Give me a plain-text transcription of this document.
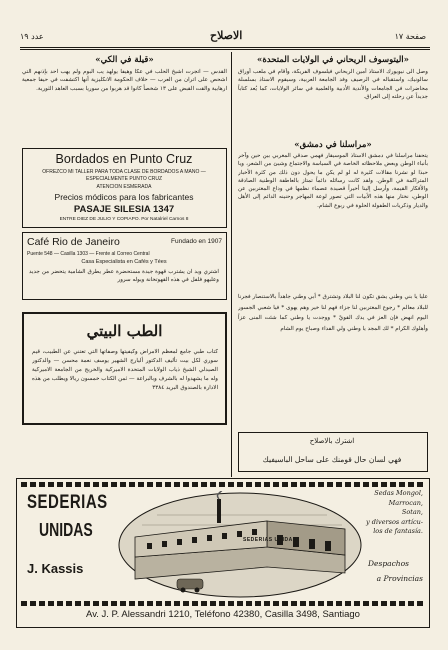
صفحة ١٧
الاصلاح
عدد ١٩
«اليتوسوف الريحاني في الولايات المتحدة»
وصل الى نيويورك الاستاذ أمين الريحاني فيلسوف الفريكة، وأقام في ملعب أوراق سالونيك، واستقباله في الرصيف وفد الجامعة العربية، وسيقوم الاستاذ بسلسلة محاضرات في الجامعات والأندية الأدبية والعلمية في سائر الولايات، كما يُعد كتاباً جديداً عن رحلته إلى العراق.
«مراسلنا في دمشق»
يتحفنا مراسلنا في دمشق الاستاذ الموسيقار فهمي صدقي المغربي بين حين وآخر بأنباء الوطن وبعض ملاحظاته الخاصة في السياسة والاجتماع وشيئ من الشعر، ويا حبذا لو نشرنا مقالات كثيرة له لو لم يكن ما يحول دون ذلك من كثرة الأخبار المتراكمة في الوطن. ولقد كانت رسائله دائماً تمتاز بالعاطفة الوطنية الصادقة والأفكار القيمة، وأرسل إلينا أخيراً قصيدة عصماء نظمها في وداع المغتربين عن الوطن، نختار منها هذه الأبيات التي تصور لوعة المهاجر وحنينه الدائم إلى الأهل والديار وذكريات الطفولة الحلوة في ربوع الشام.
عليا يا بني وطني يشق تكون لنا البلاد وتشترق * أبي وطني جاهداً بالاستنصار فجرنا للبلاد معالم * رجوع المغتربين لنا جزاء فهم لنا خير وهم يهوى * فيا شعبي الجسور اليوم انهض فإن العز في يدك القويّ * ووجدت يا وطني كما شئت المنى عزاً وأهلوك الكرام * لك المجد يا وطني ولي الفداء وصباح يوم الشام
اشترك بالاصلاح
فهي لسان حال قومنك على ساحل الباسيفيك
«قيلة في الكي»
القدس — اتجرت اشيخ الحلب في عكا وهيفا يولهد يب البوم ولم يهب احد بإذنهم التي اشحص على اتران من العرب — خلاف الحكومة الانكليزية أنها اكتشفت في حيفا جمعية ارهابية والقت القبض على ١٣ شخصاً كانوا قد هربوا من سوريا بسبب العاهد الثورية.
Bordados en Punto Cruz
OFREZCO MI TALLER PARA TODA CLASE DE BORDADOS A MANO — ESPECIALMENTE PUNTO CRUZ
ATENCION ESMERADA
Precios módicos para los fabricantes
PASAJE SILESIA 1347
ENTRE DIEZ DE JULIO Y COPIAPO. Por Natalriel Carnos 8
Café Rio de Janeiro	Fundado en 1907
Puente 548 — Casilla 1303 — Frente al Correo Central
Casa Especialista en Cafés y Tées
اشتري ويد ان يشترب قهوة جيدة مستحضرة عطر يطرق الشامية يتحضر من جديد وعليهو فلفل في هذه القهوتخانة ويوله سرور
الطب البيتي
كتاب طبي جامع لمعظم الامراض وكيفيتها وصفاتها التي تعتني عن الطبيب، قيم سوري لكل بيت تأليف الدكتور أليارج الشهير يوسف نعمة محسن — والدكتور الصيدلي الشيخ ذياب الولايات المتحدة الاميركية والخريج من الجامعة الاميركية وله ما يشهدوا له بالشرف وبالبراعة — ثمن الكتاب خمسون ريالا ويطلب من هذه الادارة بالصندوق البريد ٣٣٨٤
SEDERIAS
UNIDAS
J. Kassis
SEDERIAS UNIDAS
Sedas Mongol,
Marrocan,
Sotan,
y diversos artícu-
los de fantasía.
Despachos
a Provincias
Av. J. P. Alessandri 1210, Teléfono 42380, Casilla 3498, Santiago
